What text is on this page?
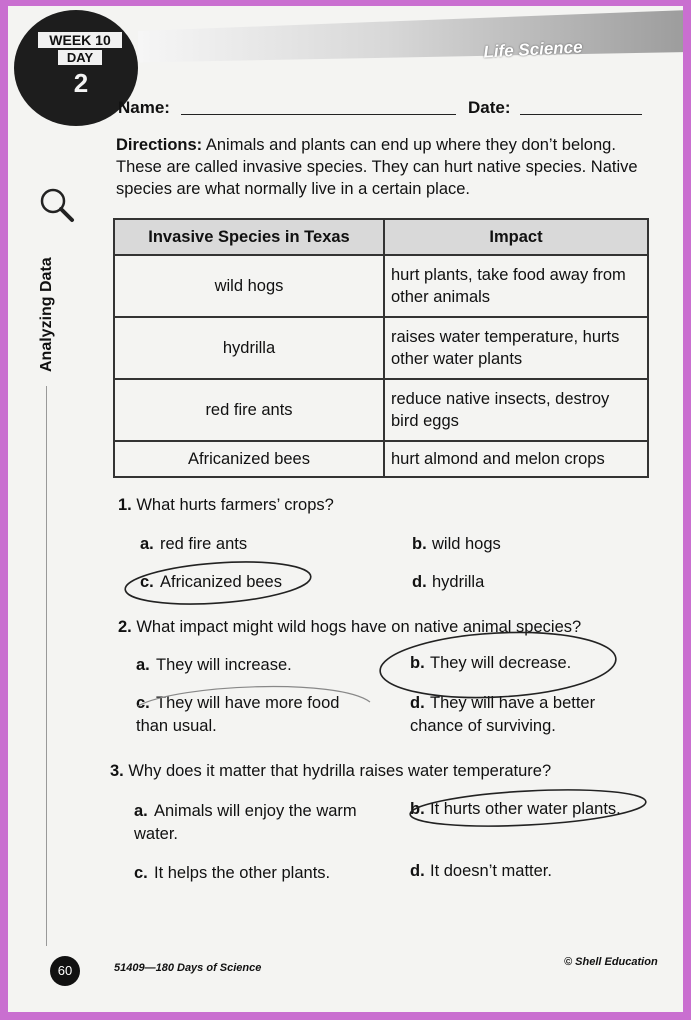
Life Science
WEEK 10
DAY
2
Name:	Date:
Directions: Animals and plants can end up where they don’t belong. These are called invasive species. They can hurt native species. Native species are what normally live in a certain place.
Analyzing Data
Invasive Species in Texas	Impact
wild hogs	hurt plants, take food away from other animals
hydrilla	raises water temperature, hurts other water plants
red fire ants	reduce native insects, destroy bird eggs
Africanized bees	hurt almond and melon crops
1. What hurts farmers’ crops?
a. red fire ants	b. wild hogs
c. Africanized bees	d. hydrilla
2. What impact might wild hogs have on native animal species?
a. They will increase.	b. They will decrease.
c. They will have more food than usual.
d. They will have a better chance of surviving.
3. Why does it matter that hydrilla raises water temperature?
a. Animals will enjoy the warm water.
b. It hurts other water plants.
c. It helps the other plants.	d. It doesn’t matter.
60	51409—180 Days of Science	© Shell Education
